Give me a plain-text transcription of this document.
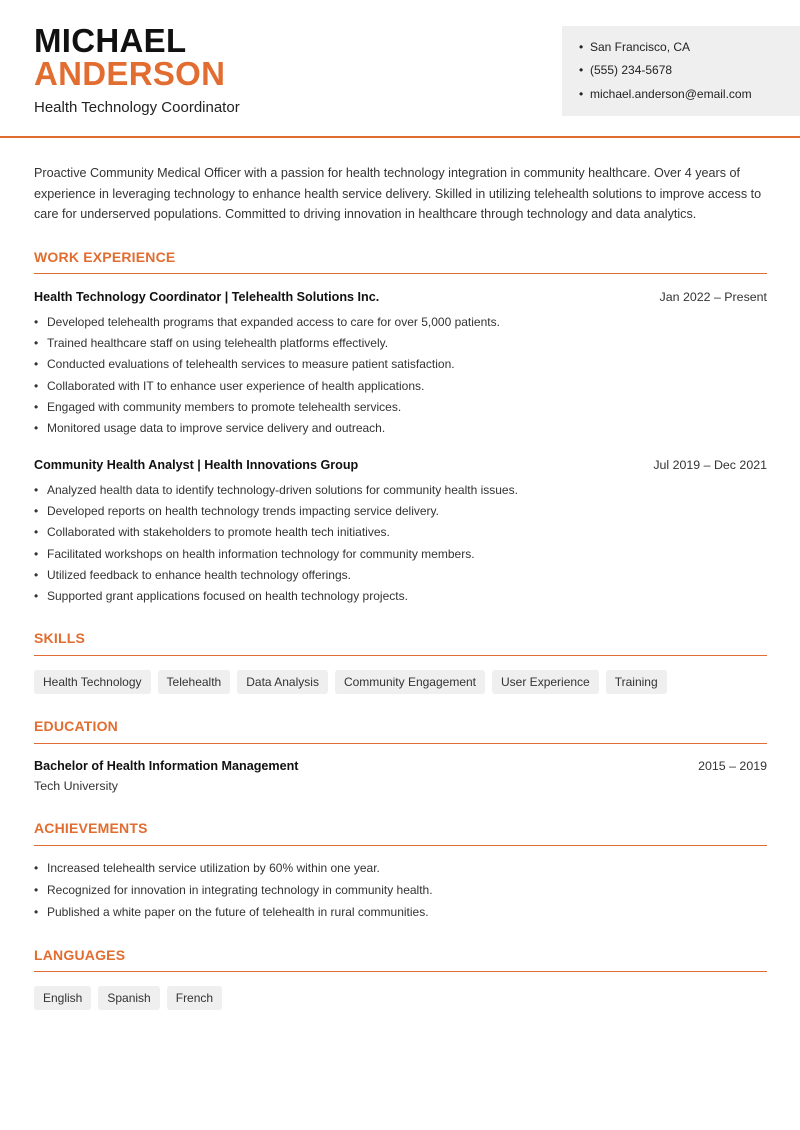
MICHAEL
ANDERSON
Health Technology Coordinator
• San Francisco, CA
• (555) 234-5678
• michael.anderson@email.com
Proactive Community Medical Officer with a passion for health technology integration in community healthcare. Over 4 years of experience in leveraging technology to enhance health service delivery. Skilled in utilizing telehealth solutions to improve access to care for underserved populations. Committed to driving innovation in healthcare through technology and data analytics.
WORK EXPERIENCE
Health Technology Coordinator | Telehealth Solutions Inc.	Jan 2022 – Present
• Developed telehealth programs that expanded access to care for over 5,000 patients.
• Trained healthcare staff on using telehealth platforms effectively.
• Conducted evaluations of telehealth services to measure patient satisfaction.
• Collaborated with IT to enhance user experience of health applications.
• Engaged with community members to promote telehealth services.
• Monitored usage data to improve service delivery and outreach.
Community Health Analyst | Health Innovations Group	Jul 2019 – Dec 2021
• Analyzed health data to identify technology-driven solutions for community health issues.
• Developed reports on health technology trends impacting service delivery.
• Collaborated with stakeholders to promote health tech initiatives.
• Facilitated workshops on health information technology for community members.
• Utilized feedback to enhance health technology offerings.
• Supported grant applications focused on health technology projects.
SKILLS
Health Technology	Telehealth	Data Analysis	Community Engagement	User Experience	Training
EDUCATION
Bachelor of Health Information Management	2015 – 2019
Tech University
ACHIEVEMENTS
• Increased telehealth service utilization by 60% within one year.
• Recognized for innovation in integrating technology in community health.
• Published a white paper on the future of telehealth in rural communities.
LANGUAGES
English	Spanish	French
